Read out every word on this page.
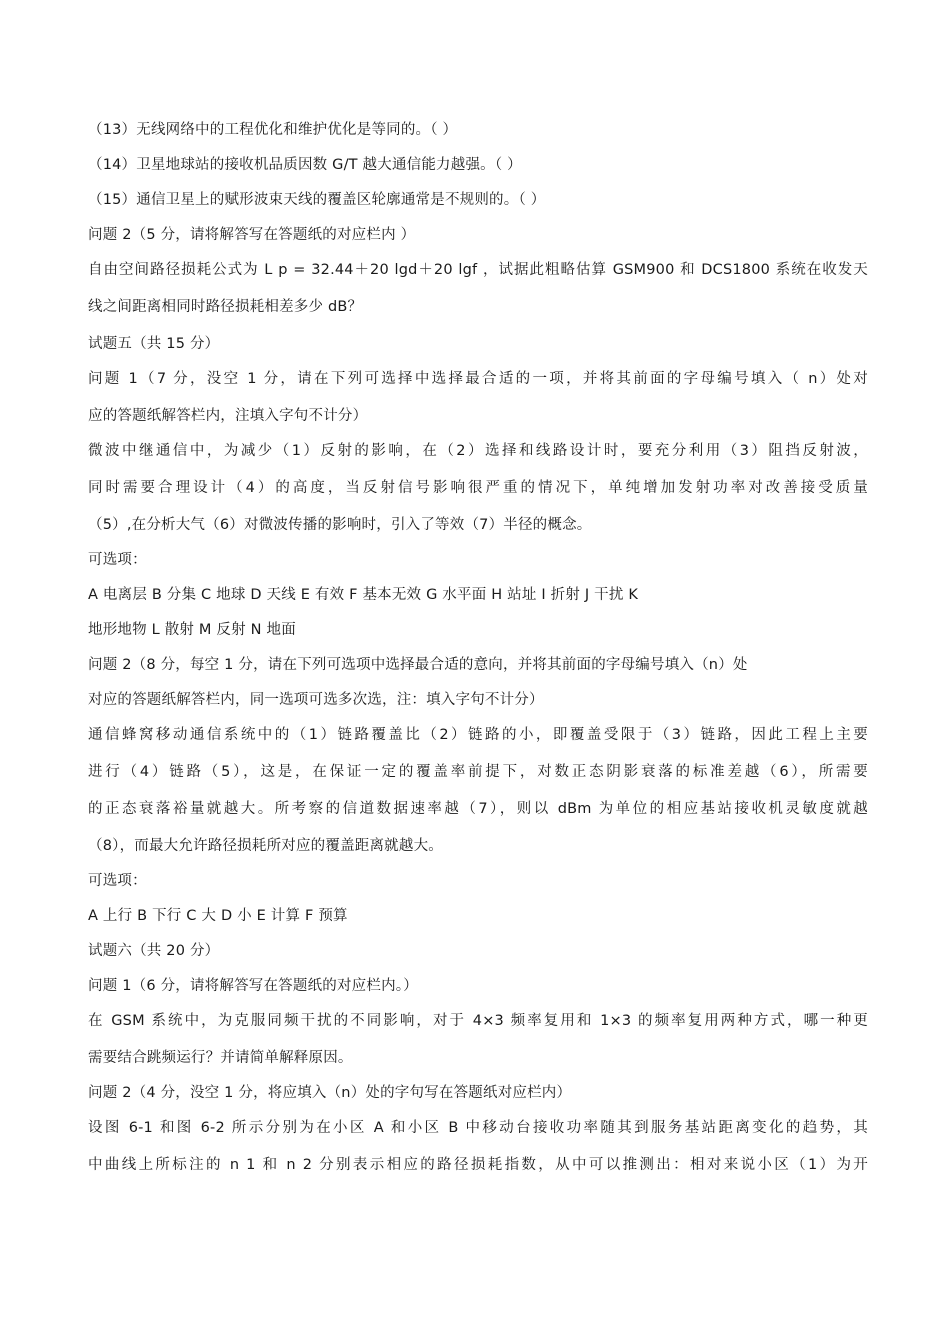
（13）无线网络中的工程优化和维护优化是等同的。（ ）

（14）卫星地球站的接收机品质因数 G/T 越大通信能力越强。（ ）

（15）通信卫星上的赋形波束天线的覆盖区轮廓通常是不规则的。（ ）

问题 2（5 分，请将解答写在答题纸的对应栏内 ）

自由空间路径损耗公式为 L p = 32.44＋20 lgd＋20 lgf ，试据此粗略估算 GSM900 和 DCS1800 系统在收发天

线之间距离相同时路径损耗相差多少 dB？

试题五（共 15 分）

问题 1（7 分，没空 1 分，请在下列可选择中选择最合适的一项，并将其前面的字母编号填入（ n）处对

应的答题纸解答栏内，注填入字句不计分）

微波中继通信中，为减少（1）反射的影响，在（2）选择和线路设计时，要充分利用（3）阻挡反射波，

同时需要合理设计（4）的高度，当反射信号影响很严重的情况下，单纯增加发射功率对改善接受质量

（5）,在分析大气（6）对微波传播的影响时，引入了等效（7）半径的概念。

可选项：

A 电离层 B 分集 C 地球 D 天线 E 有效 F 基本无效 G 水平面 H 站址 I 折射 J 干扰 K

地形地物 L 散射 M 反射 N 地面

问题 2（8 分，每空 1 分，请在下列可选项中选择最合适的意向，并将其前面的字母编号填入（n）处

对应的答题纸解答栏内，同一选项可选多次选，注：填入字句不计分）

通信蜂窝移动通信系统中的（1）链路覆盖比（2）链路的小，即覆盖受限于（3）链路，因此工程上主要

进行（4）链路（5），这是，在保证一定的覆盖率前提下，对数正态阴影衰落的标准差越（6），所需要

的正态衰落裕量就越大。所考察的信道数据速率越（7），则以 dBm 为单位的相应基站接收机灵敏度就越

（8），而最大允许路径损耗所对应的覆盖距离就越大。

可选项：

A 上行 B 下行 C 大 D 小 E 计算 F 预算

试题六（共 20 分）

问题 1（6 分，请将解答写在答题纸的对应栏内。）

在 GSM 系统中，为克服同频干扰的不同影响，对于 4×3 频率复用和 1×3 的频率复用两种方式，哪一种更

需要结合跳频运行？并请简单解释原因。

问题 2（4 分，没空 1 分，将应填入（n）处的字句写在答题纸对应栏内）

设图 6-1 和图 6-2 所示分别为在小区 A 和小区 B 中移动台接收功率随其到服务基站距离变化的趋势，其

中曲线上所标注的 n 1 和 n 2 分别表示相应的路径损耗指数，从中可以推测出：相对来说小区（1）为开
